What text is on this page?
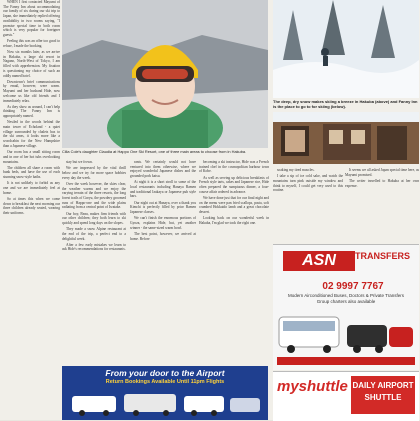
WHEN I first contacted Mayumi of The Fanny Inn about accommodating our family of six during our ski trip to Japan, she immediately replied offering availability in two rooms saying, "I promise special time in both room which is very popular for foreigner guests."

Feeling this was an offer too good to refuse, I made the booking.

Now six months later, as we arrive in Hakuba, a large ski resort in Nagano, North-West of Tokyo, I am filled with apprehension. My fixation is questioning my choice of such an oddly named hotel.

Downtown's brief communications by email, however, were warm. Mayumi and her husband Hide, now welcome us like old friends and I immediately relax.

As they show us around, I can't help thinking The Fanny Inn is appropriately named.

Nestled in the woods behind the main tower of Echoland - a quiet village surrounded by chalets bus to the ski areas, it looks more like a woodcabin for the New Hampshire than a Japanese village.

Our room has a small sitting room and in one of her hot tubs overlooking mountains.

The children all share a room with bunk beds, and have the use of each stunning snow-style baths.

It is not unlikely to forbid us any one and we are immediately feel at home.

So at times this when we come down to breakfast the next morning our three children already seated, wearing their uniforms.

Cilla Cole's daughter Claudia at Happo One Ski Resort, one of three main areas to choose from in Hakuba.

stay but we frown.

We are impressed by the vital thrill below and we try for more space hobbies every day the week.

Over the week however, the skies clear, the weather warms and we enjoy the varying terrain of the three resorts, the long forest trails of Goryu, the powdery groomed runs of Happo-one and the wide plains radiating from a central point of Iwatake.

Our boy, Beau, makes firm friends with our other children; they both learn to ski quickly and spend long days on the slopes.

They made a snow Alpine restaurant at the end of the trip, a perfect end to a delightful week.

After a few early mistakes we learn to ask Hide's recommendations for restaurants.

rants. We certainly would not have ventured into them otherwise, where we enjoyed wonderful Japanese dishes and the grounded pork katsu.

At night it is a short stroll to some of the local restaurants including Hanaya Ramen and traditional Izakaya or Japanese pub style bars.

Our night out at Hanaya, over a thank you Kimchi is perfectly filled by prior Ramen Japanese classes.

We can't finish the enormous portions of Gyoza, explains Hide, but, yet another winner - the same-sized warm bowl.

The best point, however, we arrived at home. Before

becoming a ski instructor, Hide was a French trained chef in the cosmopolitan harbour town of Kobe.

As well as serving up delicious breakfasts of French style tarts, cakes and Japanese rice, Hide often prepared the sumptuous dinner, a four-course affair ordered in advance.

We have done just that for our final night and on the menu were pan fried scallops, pasta, soft crumbed Hokkaido lamb and a great chocolate dessert.

Looking back on our wonderful week in Hakuba, I'm glad we took the right one.

The deep, dry snow makes skiing a breeze in Hakuba (above) and Fanny Inn is the place to go to for skiing (below).

soaking my tired muscles.

I take a sip of ice cold sake, and watch the mountains turn pink outside my window and think to myself, I could get very used to this routine.

It seems we all asked Japan special time here, as Mayumi promised.

The writer travelled to Hakuba at her own expense.

From your door to the Airport
Return Bookings Available Until 11pm Flights
ASN	TRANSFERS
02 9997 7767
Modern Airconditioned Buses, Doctors & Private Transfers
Group charters also available
myshuttle DAILY AIRPORT
SHUTTLE
